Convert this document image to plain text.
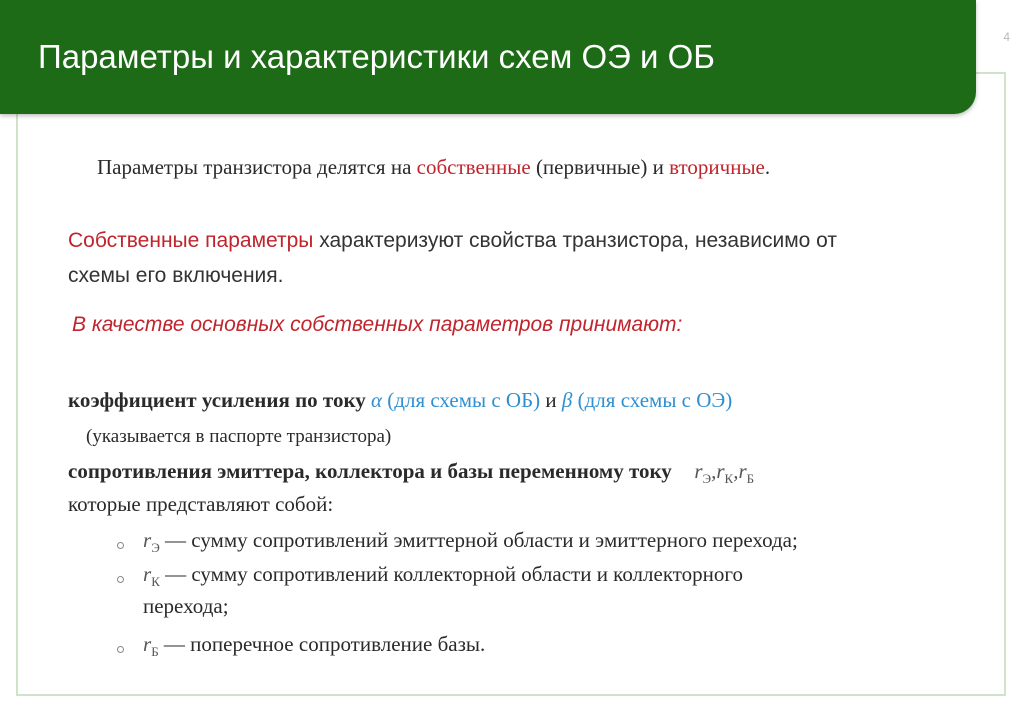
Параметры и характеристики схем ОЭ и ОБ
4
Параметры транзистора делятся на собственные (первичные) и вторичные.
Собственные параметры характеризуют свойства транзистора, независимо от
схемы его включения.
В качестве основных собственных параметров принимают:
коэффициент усиления по току α (для схемы с ОБ) и β (для схемы с ОЭ)
(указывается в паспорте транзистора)
сопротивления эмиттера, коллектора и базы переменному току $r_Э,r_К,r_Б$
которые представляют собой:
$r_Э$ — сумму сопротивлений эмиттерной области и эмиттерного перехода;
$r_К$ — сумму сопротивлений коллекторной области и коллекторного
перехода;
$r_Б$ — поперечное сопротивление базы.
